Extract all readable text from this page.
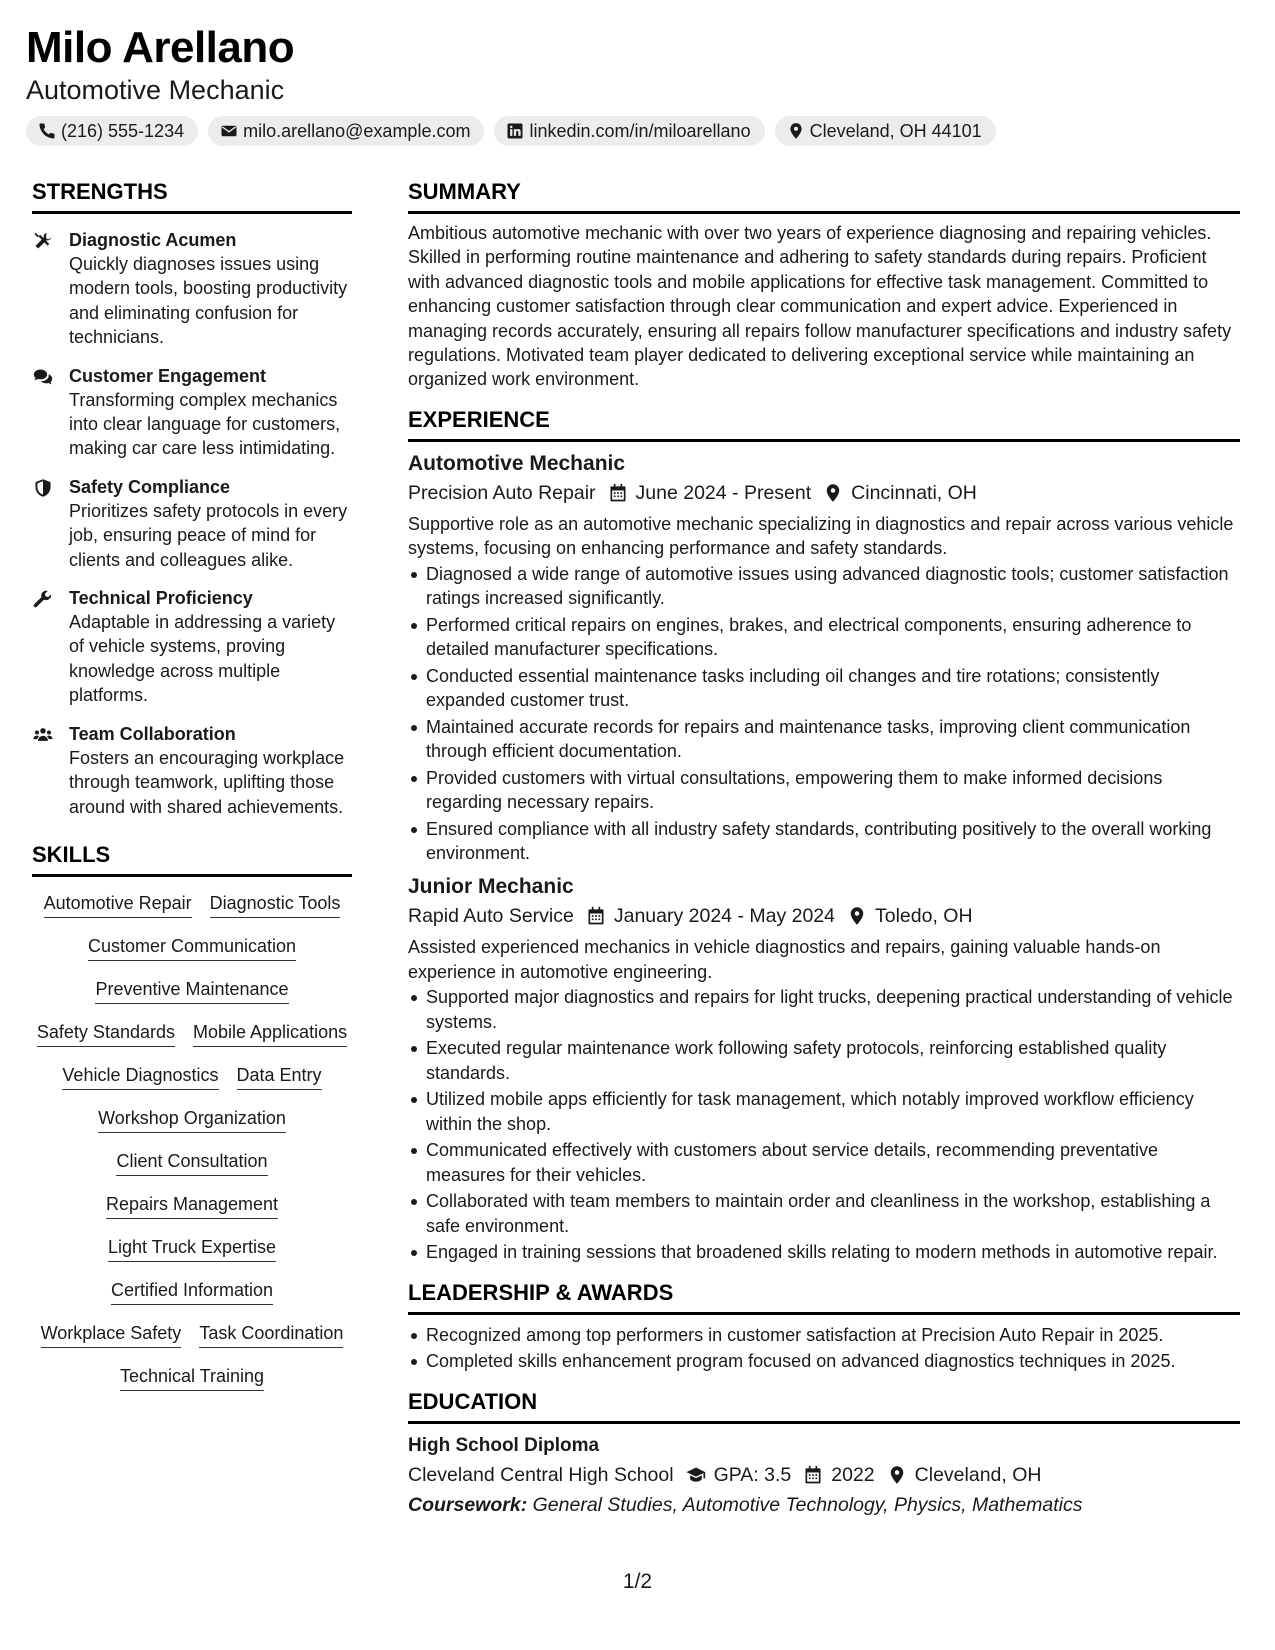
Milo Arellano
Automotive Mechanic
(216) 555-1234	milo.arellano@example.com	linkedin.com/in/miloarellano	Cleveland, OH 44101
STRENGTHS
Diagnostic Acumen
Quickly diagnoses issues using modern tools, boosting productivity and eliminating confusion for technicians.
Customer Engagement
Transforming complex mechanics into clear language for customers, making car care less intimidating.
Safety Compliance
Prioritizes safety protocols in every job, ensuring peace of mind for clients and colleagues alike.
Technical Proficiency
Adaptable in addressing a variety of vehicle systems, proving knowledge across multiple platforms.
Team Collaboration
Fosters an encouraging workplace through teamwork, uplifting those around with shared achievements.
SKILLS
Automotive Repair Diagnostic Tools
Customer Communication
Preventive Maintenance
Safety Standards Mobile Applications
Vehicle Diagnostics Data Entry
Workshop Organization
Client Consultation
Repairs Management
Light Truck Expertise
Certified Information
Workplace Safety Task Coordination
Technical Training
SUMMARY
Ambitious automotive mechanic with over two years of experience diagnosing and repairing vehicles. Skilled in performing routine maintenance and adhering to safety standards during repairs. Proficient with advanced diagnostic tools and mobile applications for effective task management. Committed to enhancing customer satisfaction through clear communication and expert advice. Experienced in managing records accurately, ensuring all repairs follow manufacturer specifications and industry safety regulations. Motivated team player dedicated to delivering exceptional service while maintaining an organized work environment.
EXPERIENCE
Automotive Mechanic
Precision Auto Repair June 2024 - Present Cincinnati, OH
Supportive role as an automotive mechanic specializing in diagnostics and repair across various vehicle systems, focusing on enhancing performance and safety standards.
Diagnosed a wide range of automotive issues using advanced diagnostic tools; customer satisfaction ratings increased significantly.
Performed critical repairs on engines, brakes, and electrical components, ensuring adherence to detailed manufacturer specifications.
Conducted essential maintenance tasks including oil changes and tire rotations; consistently expanded customer trust.
Maintained accurate records for repairs and maintenance tasks, improving client communication through efficient documentation.
Provided customers with virtual consultations, empowering them to make informed decisions regarding necessary repairs.
Ensured compliance with all industry safety standards, contributing positively to the overall working environment.
Junior Mechanic
Rapid Auto Service January 2024 - May 2024 Toledo, OH
Assisted experienced mechanics in vehicle diagnostics and repairs, gaining valuable hands-on experience in automotive engineering.
Supported major diagnostics and repairs for light trucks, deepening practical understanding of vehicle systems.
Executed regular maintenance work following safety protocols, reinforcing established quality standards.
Utilized mobile apps efficiently for task management, which notably improved workflow efficiency within the shop.
Communicated effectively with customers about service details, recommending preventative measures for their vehicles.
Collaborated with team members to maintain order and cleanliness in the workshop, establishing a safe environment.
Engaged in training sessions that broadened skills relating to modern methods in automotive repair.
LEADERSHIP & AWARDS
Recognized among top performers in customer satisfaction at Precision Auto Repair in 2025.
Completed skills enhancement program focused on advanced diagnostics techniques in 2025.
EDUCATION
High School Diploma
Cleveland Central High School GPA: 3.5 2022 Cleveland, OH
Coursework: General Studies, Automotive Technology, Physics, Mathematics
1/2
